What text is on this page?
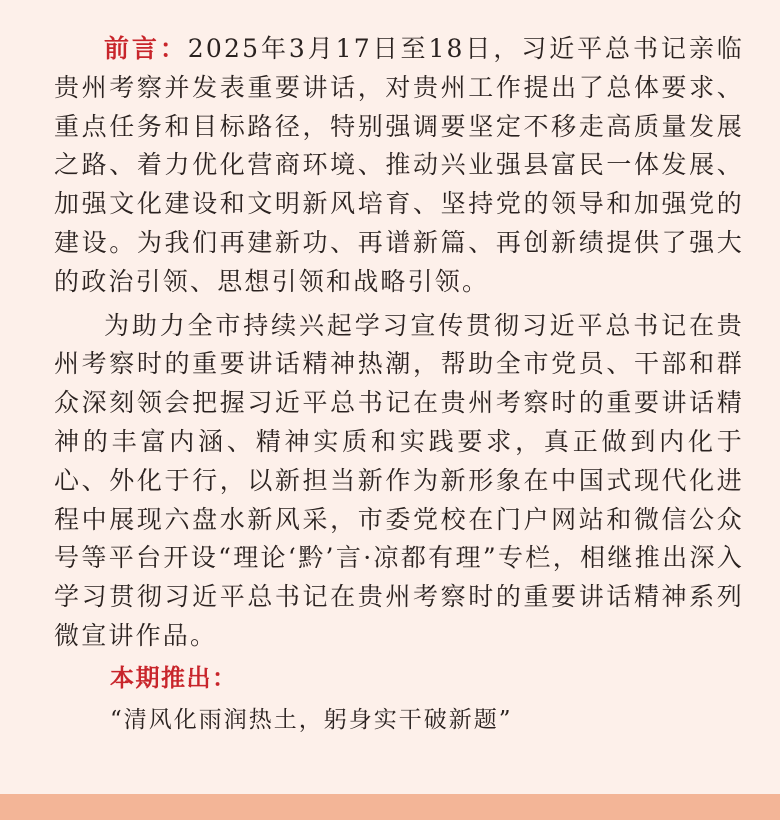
前言：2025年3月17日至18日，习近平总书记亲临贵州考察并发表重要讲话，对贵州工作提出了总体要求、重点任务和目标路径，特别强调要坚定不移走高质量发展之路、着力优化营商环境、推动兴业强县富民一体发展、加强文化建设和文明新风培育、坚持党的领导和加强党的建设。为我们再建新功、再谱新篇、再创新绩提供了强大的政治引领、思想引领和战略引领。

为助力全市持续兴起学习宣传贯彻习近平总书记在贵州考察时的重要讲话精神热潮，帮助全市党员、干部和群众深刻领会把握习近平总书记在贵州考察时的重要讲话精神的丰富内涵、精神实质和实践要求，真正做到内化于心、外化于行，以新担当新作为新形象在中国式现代化进程中展现六盘水新风采，市委党校在门户网站和微信公众号等平台开设“理论‘黔’言·凉都有理”专栏，相继推出深入学习贯彻习近平总书记在贵州考察时的重要讲话精神系列微宣讲作品。

本期推出：

“清风化雨润热土，躬身实干破新题”
